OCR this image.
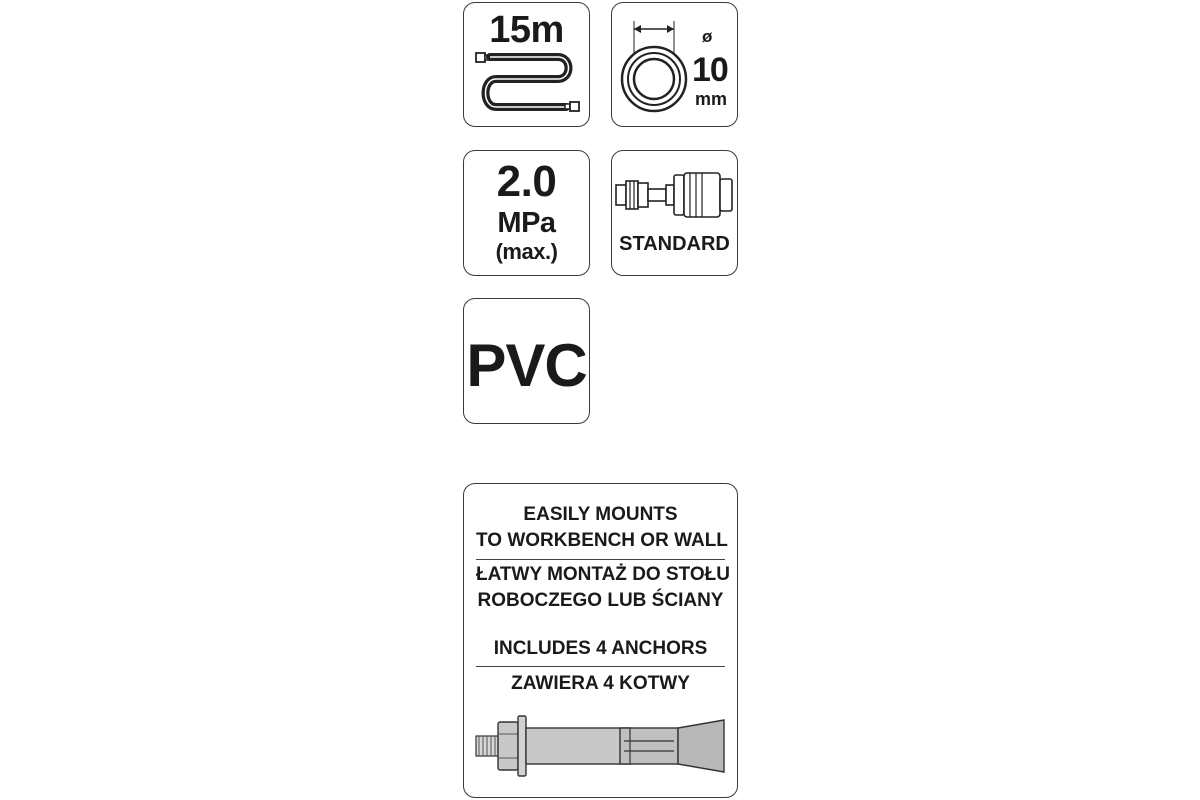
15m	ø
10
mm
2.0
MPa
(max.)	STANDARD
PVC
EASILY MOUNTS
TO WORKBENCH OR WALL
ŁATWY MONTAŻ DO STOŁU
ROBOCZEGO LUB ŚCIANY
INCLUDES 4 ANCHORS
ZAWIERA 4 KOTWY
